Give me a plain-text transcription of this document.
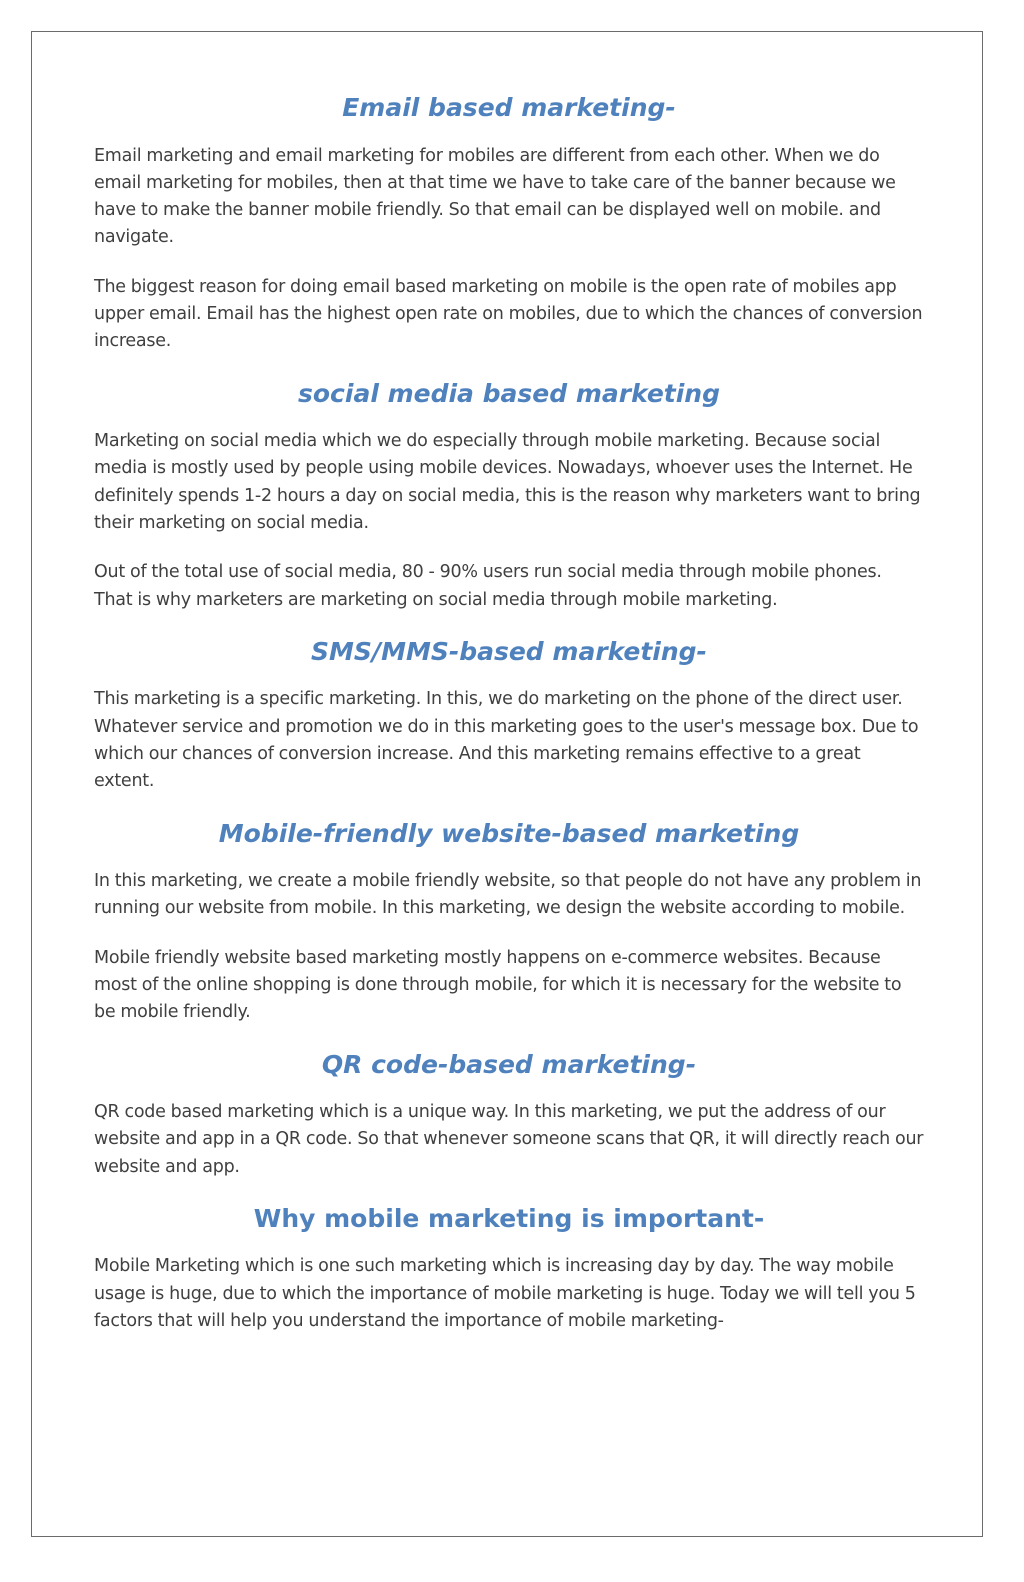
Email based marketing-

Email marketing and email marketing for mobiles are different from each other. When we do email marketing for mobiles, then at that time we have to take care of the banner because we have to make the banner mobile friendly. So that email can be displayed well on mobile. and navigate.

The biggest reason for doing email based marketing on mobile is the open rate of mobiles app upper email. Email has the highest open rate on mobiles, due to which the chances of conversion increase.

social media based marketing

Marketing on social media which we do especially through mobile marketing. Because social media is mostly used by people using mobile devices. Nowadays, whoever uses the Internet. He definitely spends 1-2 hours a day on social media, this is the reason why marketers want to bring their marketing on social media.

Out of the total use of social media, 80 - 90% users run social media through mobile phones. That is why marketers are marketing on social media through mobile marketing.

SMS/MMS-based marketing-

This marketing is a specific marketing. In this, we do marketing on the phone of the direct user. Whatever service and promotion we do in this marketing goes to the user's message box. Due to which our chances of conversion increase. And this marketing remains effective to a great extent.

Mobile-friendly website-based marketing

In this marketing, we create a mobile friendly website, so that people do not have any problem in running our website from mobile. In this marketing, we design the website according to mobile.

Mobile friendly website based marketing mostly happens on e-commerce websites. Because most of the online shopping is done through mobile, for which it is necessary for the website to be mobile friendly.

QR code-based marketing-

QR code based marketing which is a unique way. In this marketing, we put the address of our website and app in a QR code. So that whenever someone scans that QR, it will directly reach our website and app.

Why mobile marketing is important-

Mobile Marketing which is one such marketing which is increasing day by day. The way mobile usage is huge, due to which the importance of mobile marketing is huge. Today we will tell you 5 factors that will help you understand the importance of mobile marketing-
